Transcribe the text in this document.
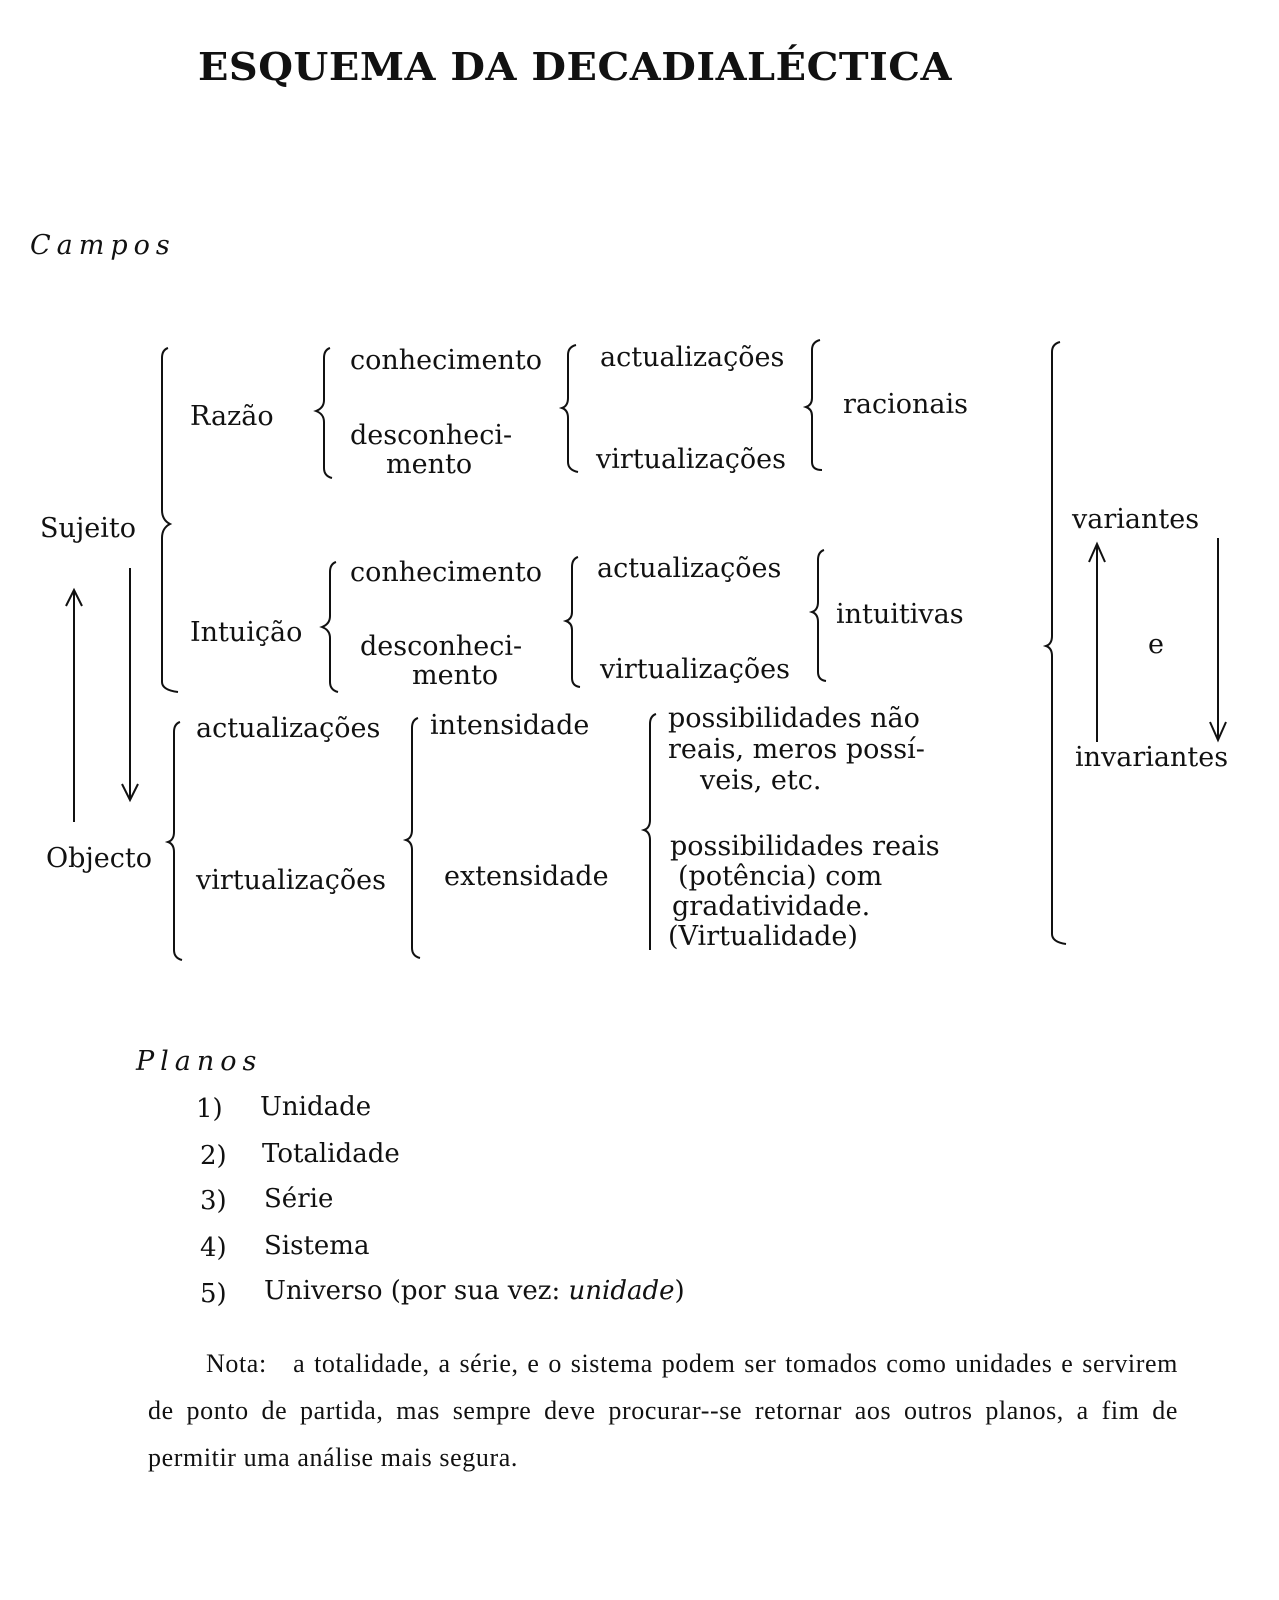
ESQUEMA DA DECADIALÉCTICA
Campos
Sujeito
Objecto
Razão
conhecimento
desconheci-
mento
actualizações
virtualizações
racionais
Intuição
conhecimento
desconheci-
mento
actualizações
virtualizações
intuitivas
actualizações
virtualizações
intensidade
extensidade
possibilidades não
reais, meros possí-
veis, etc.
possibilidades reais
(potência) com
gradatividade.
(Virtualidade)
variantes
e
invariantes
Planos
1) Unidade
2) Totalidade
3) Série
4) Sistema
5) Universo (por sua vez: unidade)
Nota: a totalidade, a série, e o sistema podem ser tomados como unidades e servirem de ponto de partida, mas sempre deve procurar--se retornar aos outros planos, a fim de permitir uma análise mais segura.
